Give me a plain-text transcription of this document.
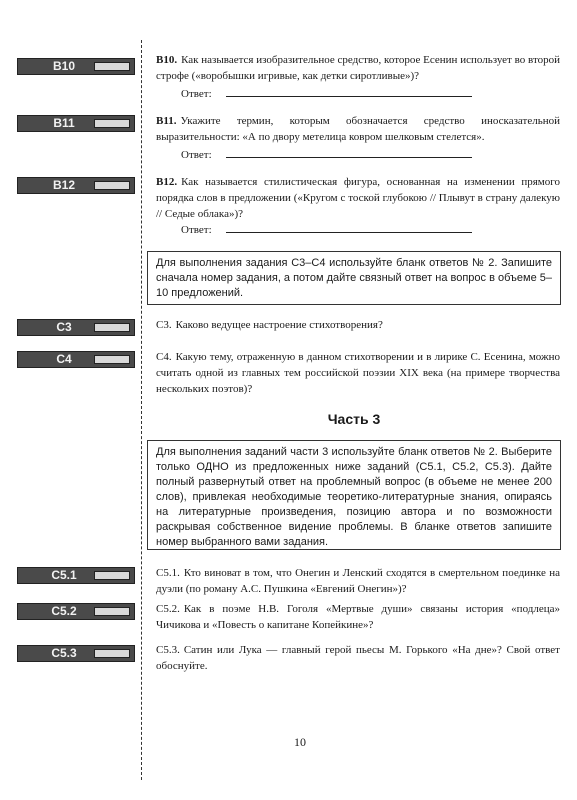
B10	B10. Как называется изобразительное средство, которое Есенин использует во второй строфе («воробышки игривые, как детки сиротливые»)?
Ответ:
B11	B11. Укажите термин, которым обозначается средство иносказательной выразительности: «А по двору метелица ковром шелковым стелется».
Ответ:
B12	B12. Как называется стилистическая фигура, основанная на изменении прямого порядка слов в предложении («Кругом с тоской глубокою // Плывут в страну далекую // Седые облака»)?
Ответ:
Для выполнения задания С3–С4 используйте бланк ответов № 2. Запишите сначала номер задания, а потом дайте связный ответ на вопрос в объеме 5–10 предложений.
C3	C3. Каково ведущее настроение стихотворения?
C4	C4. Какую тему, отраженную в данном стихотворении и в лирике С. Есенина, можно считать одной из главных тем российской поэзии XIX века (на примере творчества нескольких поэтов)?
Часть 3
Для выполнения заданий части 3 используйте бланк ответов № 2. Выберите только ОДНО из предложенных ниже заданий (С5.1, С5.2, С5.3). Дайте полный развернутый ответ на проблемный вопрос (в объеме не менее 200 слов), привлекая необходимые теоретико-литературные знания, опираясь на литературные произведения, позицию автора и по возможности раскрывая собственное видение проблемы. В бланке ответов запишите номер выбранного вами задания.
C5.1	C5.1. Кто виноват в том, что Онегин и Ленский сходятся в смертельном поединке на дуэли (по роману А.С. Пушкина «Евгений Онегин»)?
C5.2	C5.2. Как в поэме Н.В. Гоголя «Мертвые души» связаны история «подлеца» Чичикова и «Повесть о капитане Копейкине»?
C5.3	C5.3. Сатин или Лука — главный герой пьесы М. Горького «На дне»? Свой ответ обоснуйте.
10
